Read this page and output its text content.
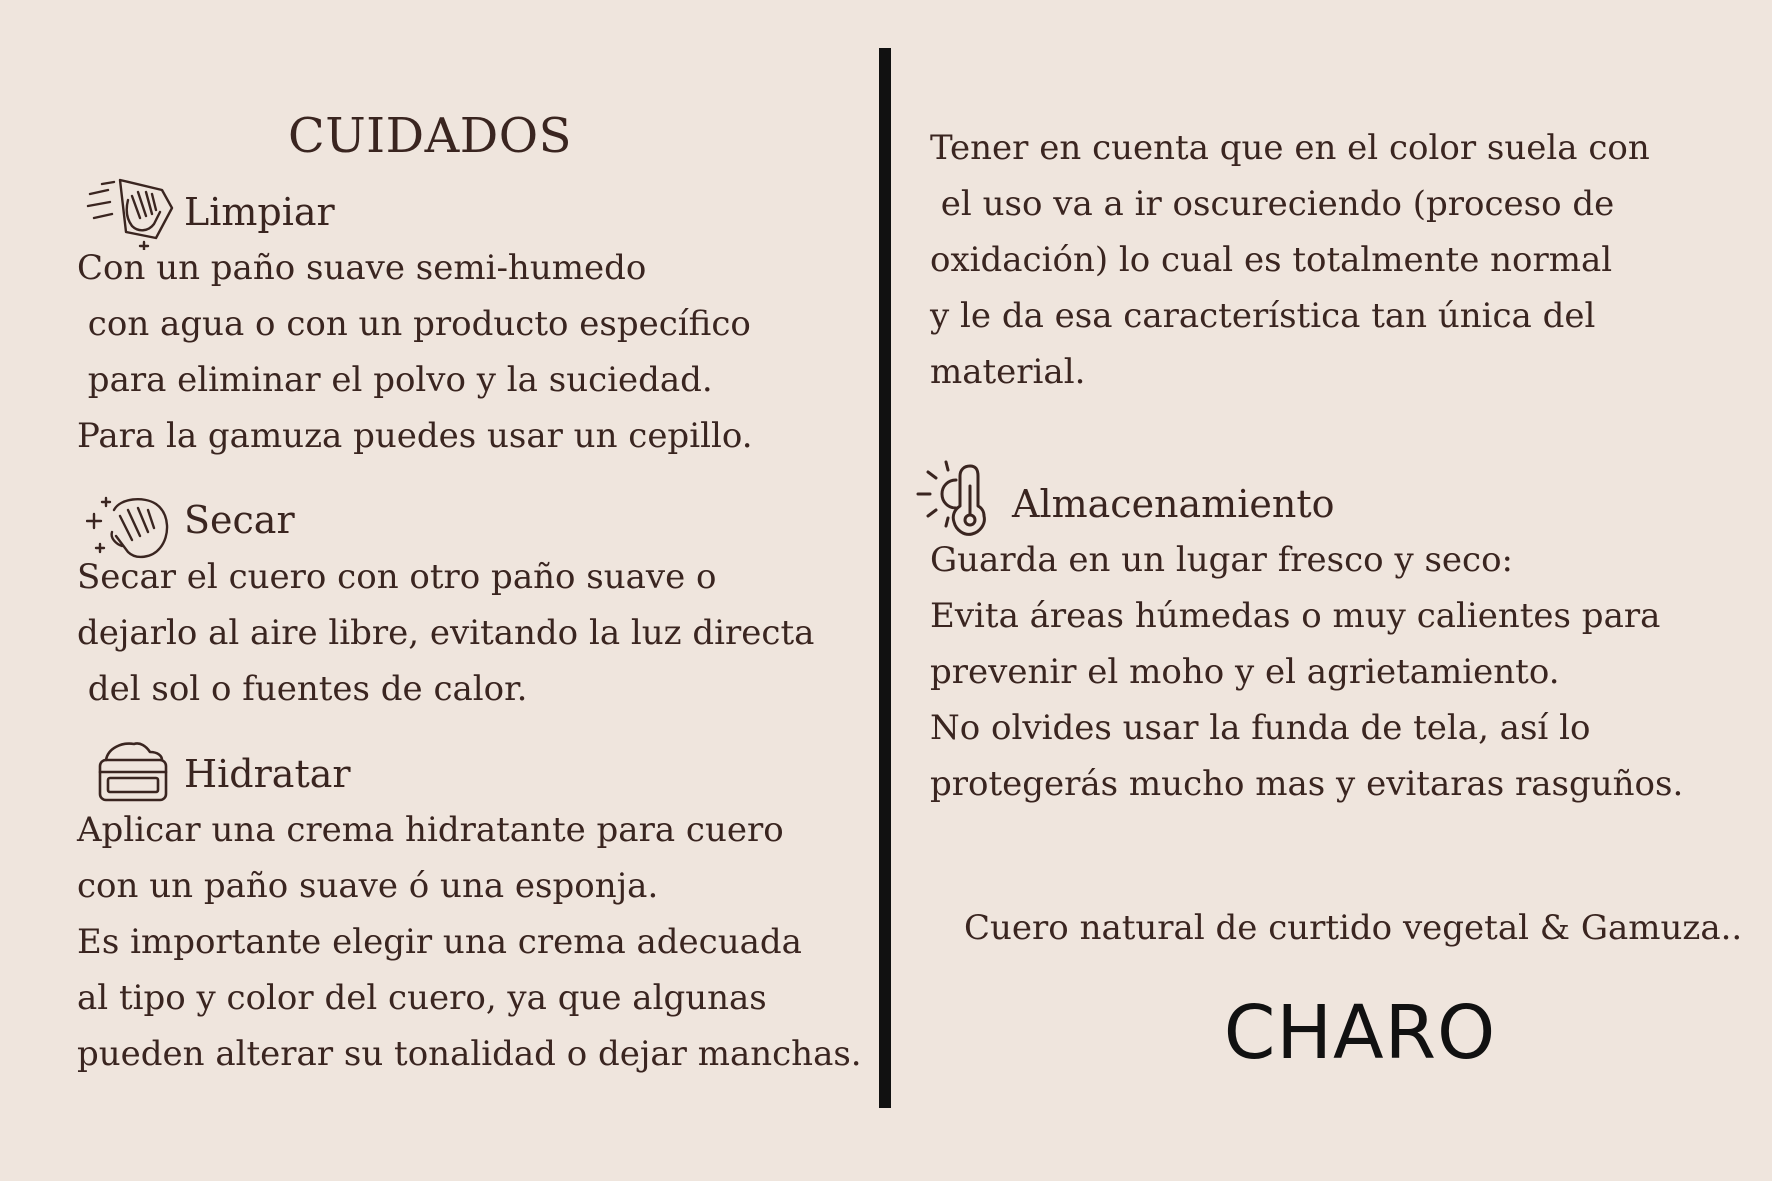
CUIDADOS
Limpiar
Con un paño suave semi-humedo
con agua o con un producto específico
para eliminar el polvo y la suciedad.
Para la gamuza puedes usar un cepillo.
Secar
Secar el cuero con otro paño suave o
dejarlo al aire libre, evitando la luz directa
del sol o fuentes de calor.
Hidratar
Aplicar una crema hidratante para cuero
con un paño suave ó una esponja.
Es importante elegir una crema adecuada
al tipo y color del cuero, ya que algunas
pueden alterar su tonalidad o dejar manchas.
Tener en cuenta que en el color suela con
el uso va a ir oscureciendo (proceso de
oxidación) lo cual es totalmente normal
y le da esa característica tan única del
material.
Almacenamiento
Guarda en un lugar fresco y seco:
Evita áreas húmedas o muy calientes para
prevenir el moho y el agrietamiento.
No olvides usar la funda de tela, así lo
protegerás mucho mas y evitaras rasguños.
Cuero natural de curtido vegetal & Gamuza..
CHARO
